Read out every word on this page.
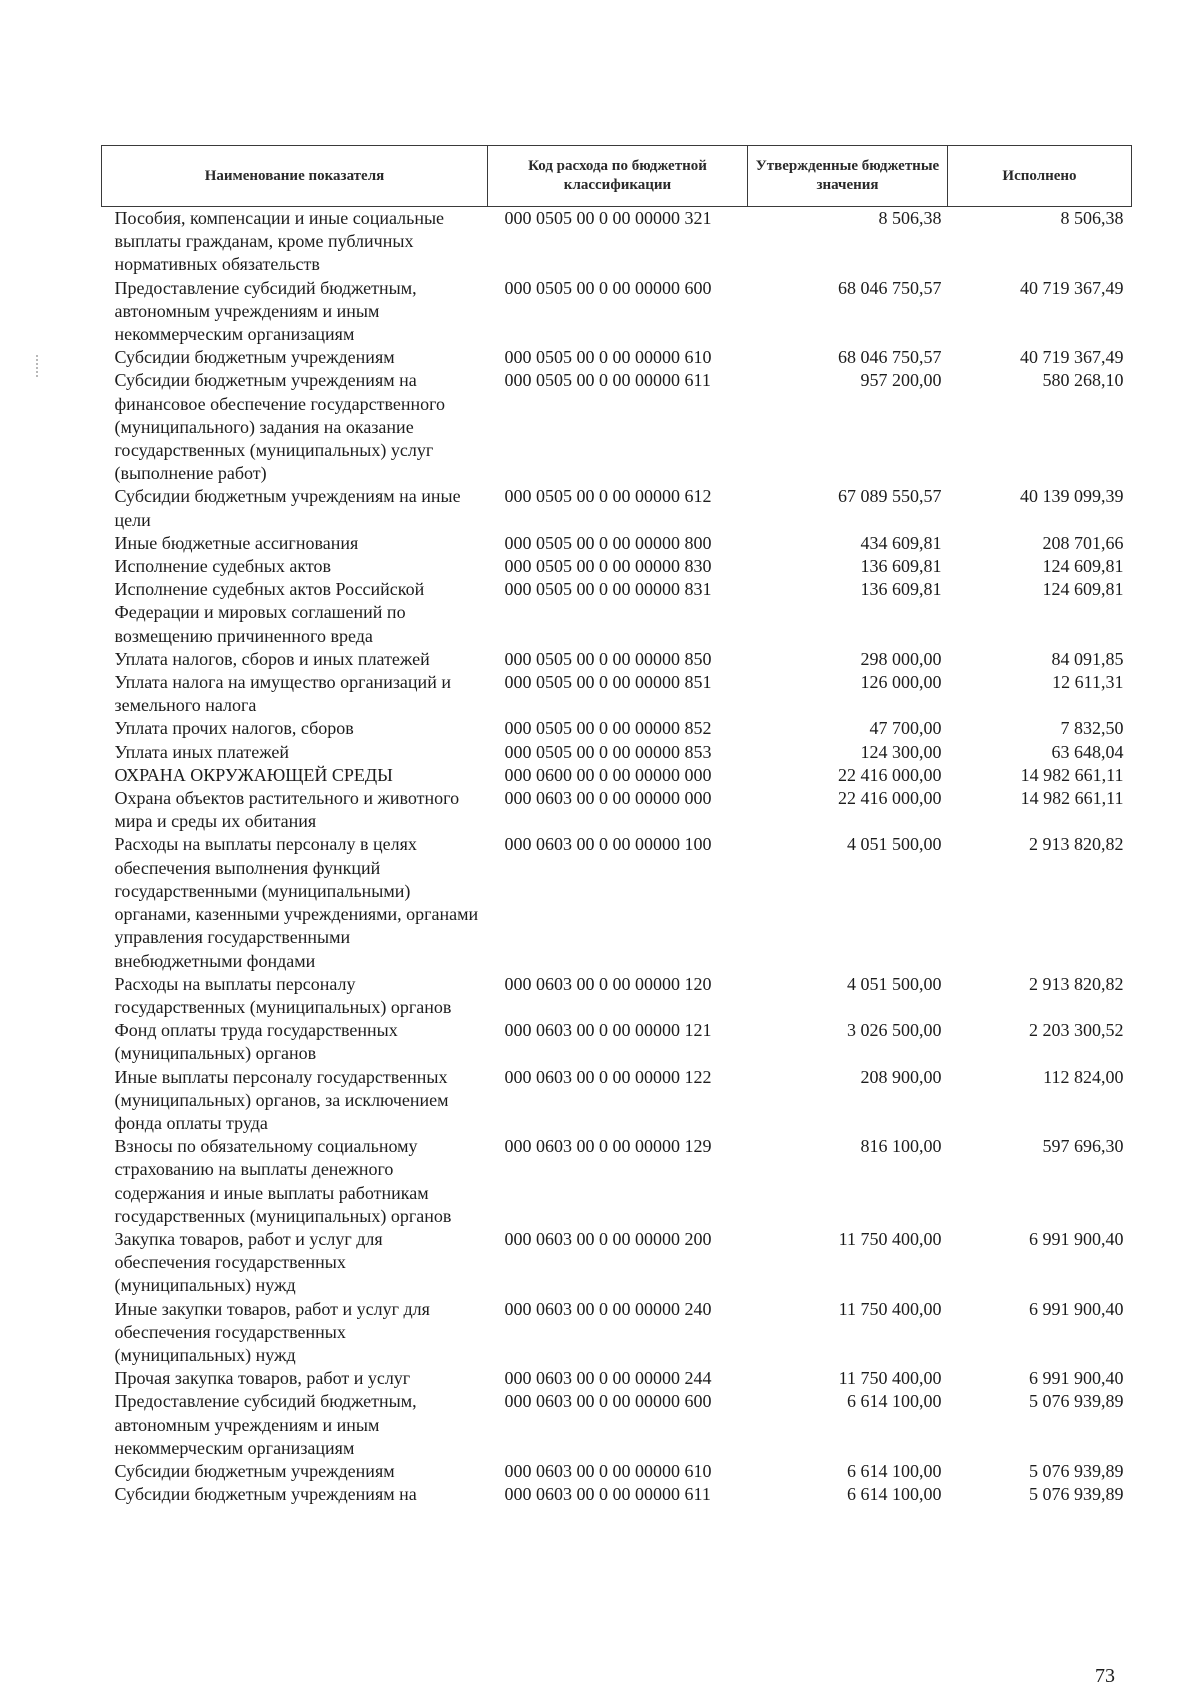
Наименование показателя	Код расхода по бюджетной классификации	Утвержденные бюджетные значения	Исполнено
Пособия, компенсации и иные социальные выплаты гражданам, кроме публичных нормативных обязательств	000 0505 00 0 00 00000 321	8 506,38	8 506,38
Предоставление субсидий бюджетным, автономным учреждениям и иным некоммерческим организациям	000 0505 00 0 00 00000 600	68 046 750,57	40 719 367,49
Субсидии бюджетным учреждениям	000 0505 00 0 00 00000 610	68 046 750,57	40 719 367,49
Субсидии бюджетным учреждениям на финансовое обеспечение государственного (муниципального) задания на оказание государственных (муниципальных) услуг (выполнение работ)	000 0505 00 0 00 00000 611	957 200,00	580 268,10
Субсидии бюджетным учреждениям на иные цели	000 0505 00 0 00 00000 612	67 089 550,57	40 139 099,39
Иные бюджетные ассигнования	000 0505 00 0 00 00000 800	434 609,81	208 701,66
Исполнение судебных актов	000 0505 00 0 00 00000 830	136 609,81	124 609,81
Исполнение судебных актов Российской Федерации и мировых соглашений по возмещению причиненного вреда	000 0505 00 0 00 00000 831	136 609,81	124 609,81
Уплата налогов, сборов и иных платежей	000 0505 00 0 00 00000 850	298 000,00	84 091,85
Уплата налога на имущество организаций и земельного налога	000 0505 00 0 00 00000 851	126 000,00	12 611,31
Уплата прочих налогов, сборов	000 0505 00 0 00 00000 852	47 700,00	7 832,50
Уплата иных платежей	000 0505 00 0 00 00000 853	124 300,00	63 648,04
ОХРАНА ОКРУЖАЮЩЕЙ СРЕДЫ	000 0600 00 0 00 00000 000	22 416 000,00	14 982 661,11
Охрана объектов растительного и животного мира и среды их обитания	000 0603 00 0 00 00000 000	22 416 000,00	14 982 661,11
Расходы на выплаты персоналу в целях обеспечения выполнения функций государственными (муниципальными) органами, казенными учреждениями, органами управления государственными внебюджетными фондами	000 0603 00 0 00 00000 100	4 051 500,00	2 913 820,82
Расходы на выплаты персоналу государственных (муниципальных) органов	000 0603 00 0 00 00000 120	4 051 500,00	2 913 820,82
Фонд оплаты труда государственных (муниципальных) органов	000 0603 00 0 00 00000 121	3 026 500,00	2 203 300,52
Иные выплаты персоналу государственных (муниципальных) органов, за исключением фонда оплаты труда	000 0603 00 0 00 00000 122	208 900,00	112 824,00
Взносы по обязательному социальному страхованию на выплаты денежного содержания и иные выплаты работникам государственных (муниципальных) органов	000 0603 00 0 00 00000 129	816 100,00	597 696,30
Закупка товаров, работ и услуг для обеспечения государственных (муниципальных) нужд	000 0603 00 0 00 00000 200	11 750 400,00	6 991 900,40
Иные закупки товаров, работ и услуг для обеспечения государственных (муниципальных) нужд	000 0603 00 0 00 00000 240	11 750 400,00	6 991 900,40
Прочая закупка товаров, работ и услуг	000 0603 00 0 00 00000 244	11 750 400,00	6 991 900,40
Предоставление субсидий бюджетным, автономным учреждениям и иным некоммерческим организациям	000 0603 00 0 00 00000 600	6 614 100,00	5 076 939,89
Субсидии бюджетным учреждениям	000 0603 00 0 00 00000 610	6 614 100,00	5 076 939,89
Субсидии бюджетным учреждениям на	000 0603 00 0 00 00000 611	6 614 100,00	5 076 939,89
73
